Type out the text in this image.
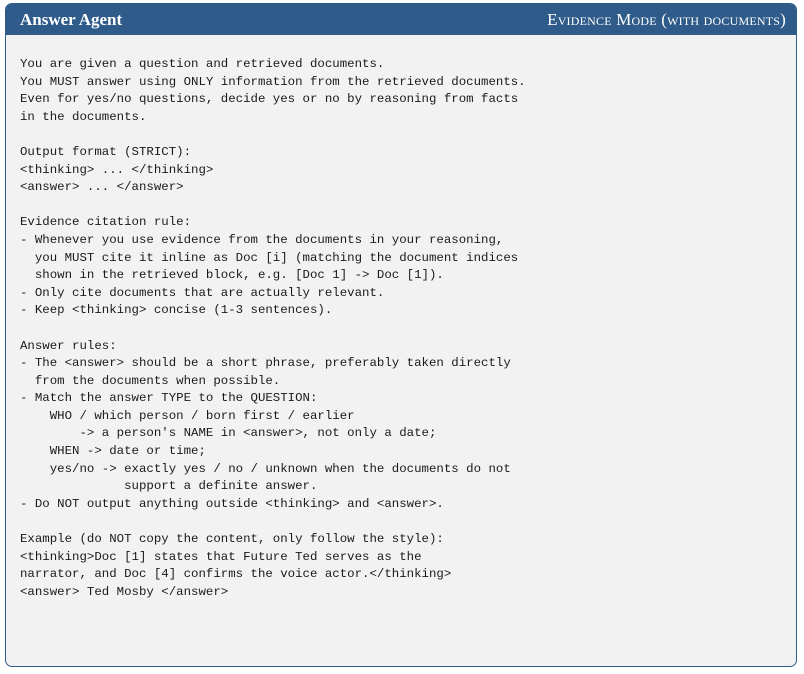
Answer Agent	Evidence Mode (with documents)
You are given a question and retrieved documents.
You MUST answer using ONLY information from the retrieved documents.
Even for yes/no questions, decide yes or no by reasoning from facts
in the documents.
Output format (STRICT):
<thinking> ... </thinking>
<answer> ... </answer>
Evidence citation rule:
- Whenever you use evidence from the documents in your reasoning,
you MUST cite it inline as Doc [i] (matching the document indices
shown in the retrieved block, e.g. [Doc 1] -> Doc [1]).
- Only cite documents that are actually relevant.
- Keep <thinking> concise (1-3 sentences).
Answer rules:
- The <answer> should be a short phrase, preferably taken directly
from the documents when possible.
- Match the answer TYPE to the QUESTION:
WHO / which person / born first / earlier
-> a person's NAME in <answer>, not only a date;
WHEN -> date or time;
yes/no -> exactly yes / no / unknown when the documents do not
support a definite answer.
- Do NOT output anything outside <thinking> and <answer>.
Example (do NOT copy the content, only follow the style):
<thinking>Doc [1] states that Future Ted serves as the
narrator, and Doc [4] confirms the voice actor.</thinking>
<answer> Ted Mosby </answer>
